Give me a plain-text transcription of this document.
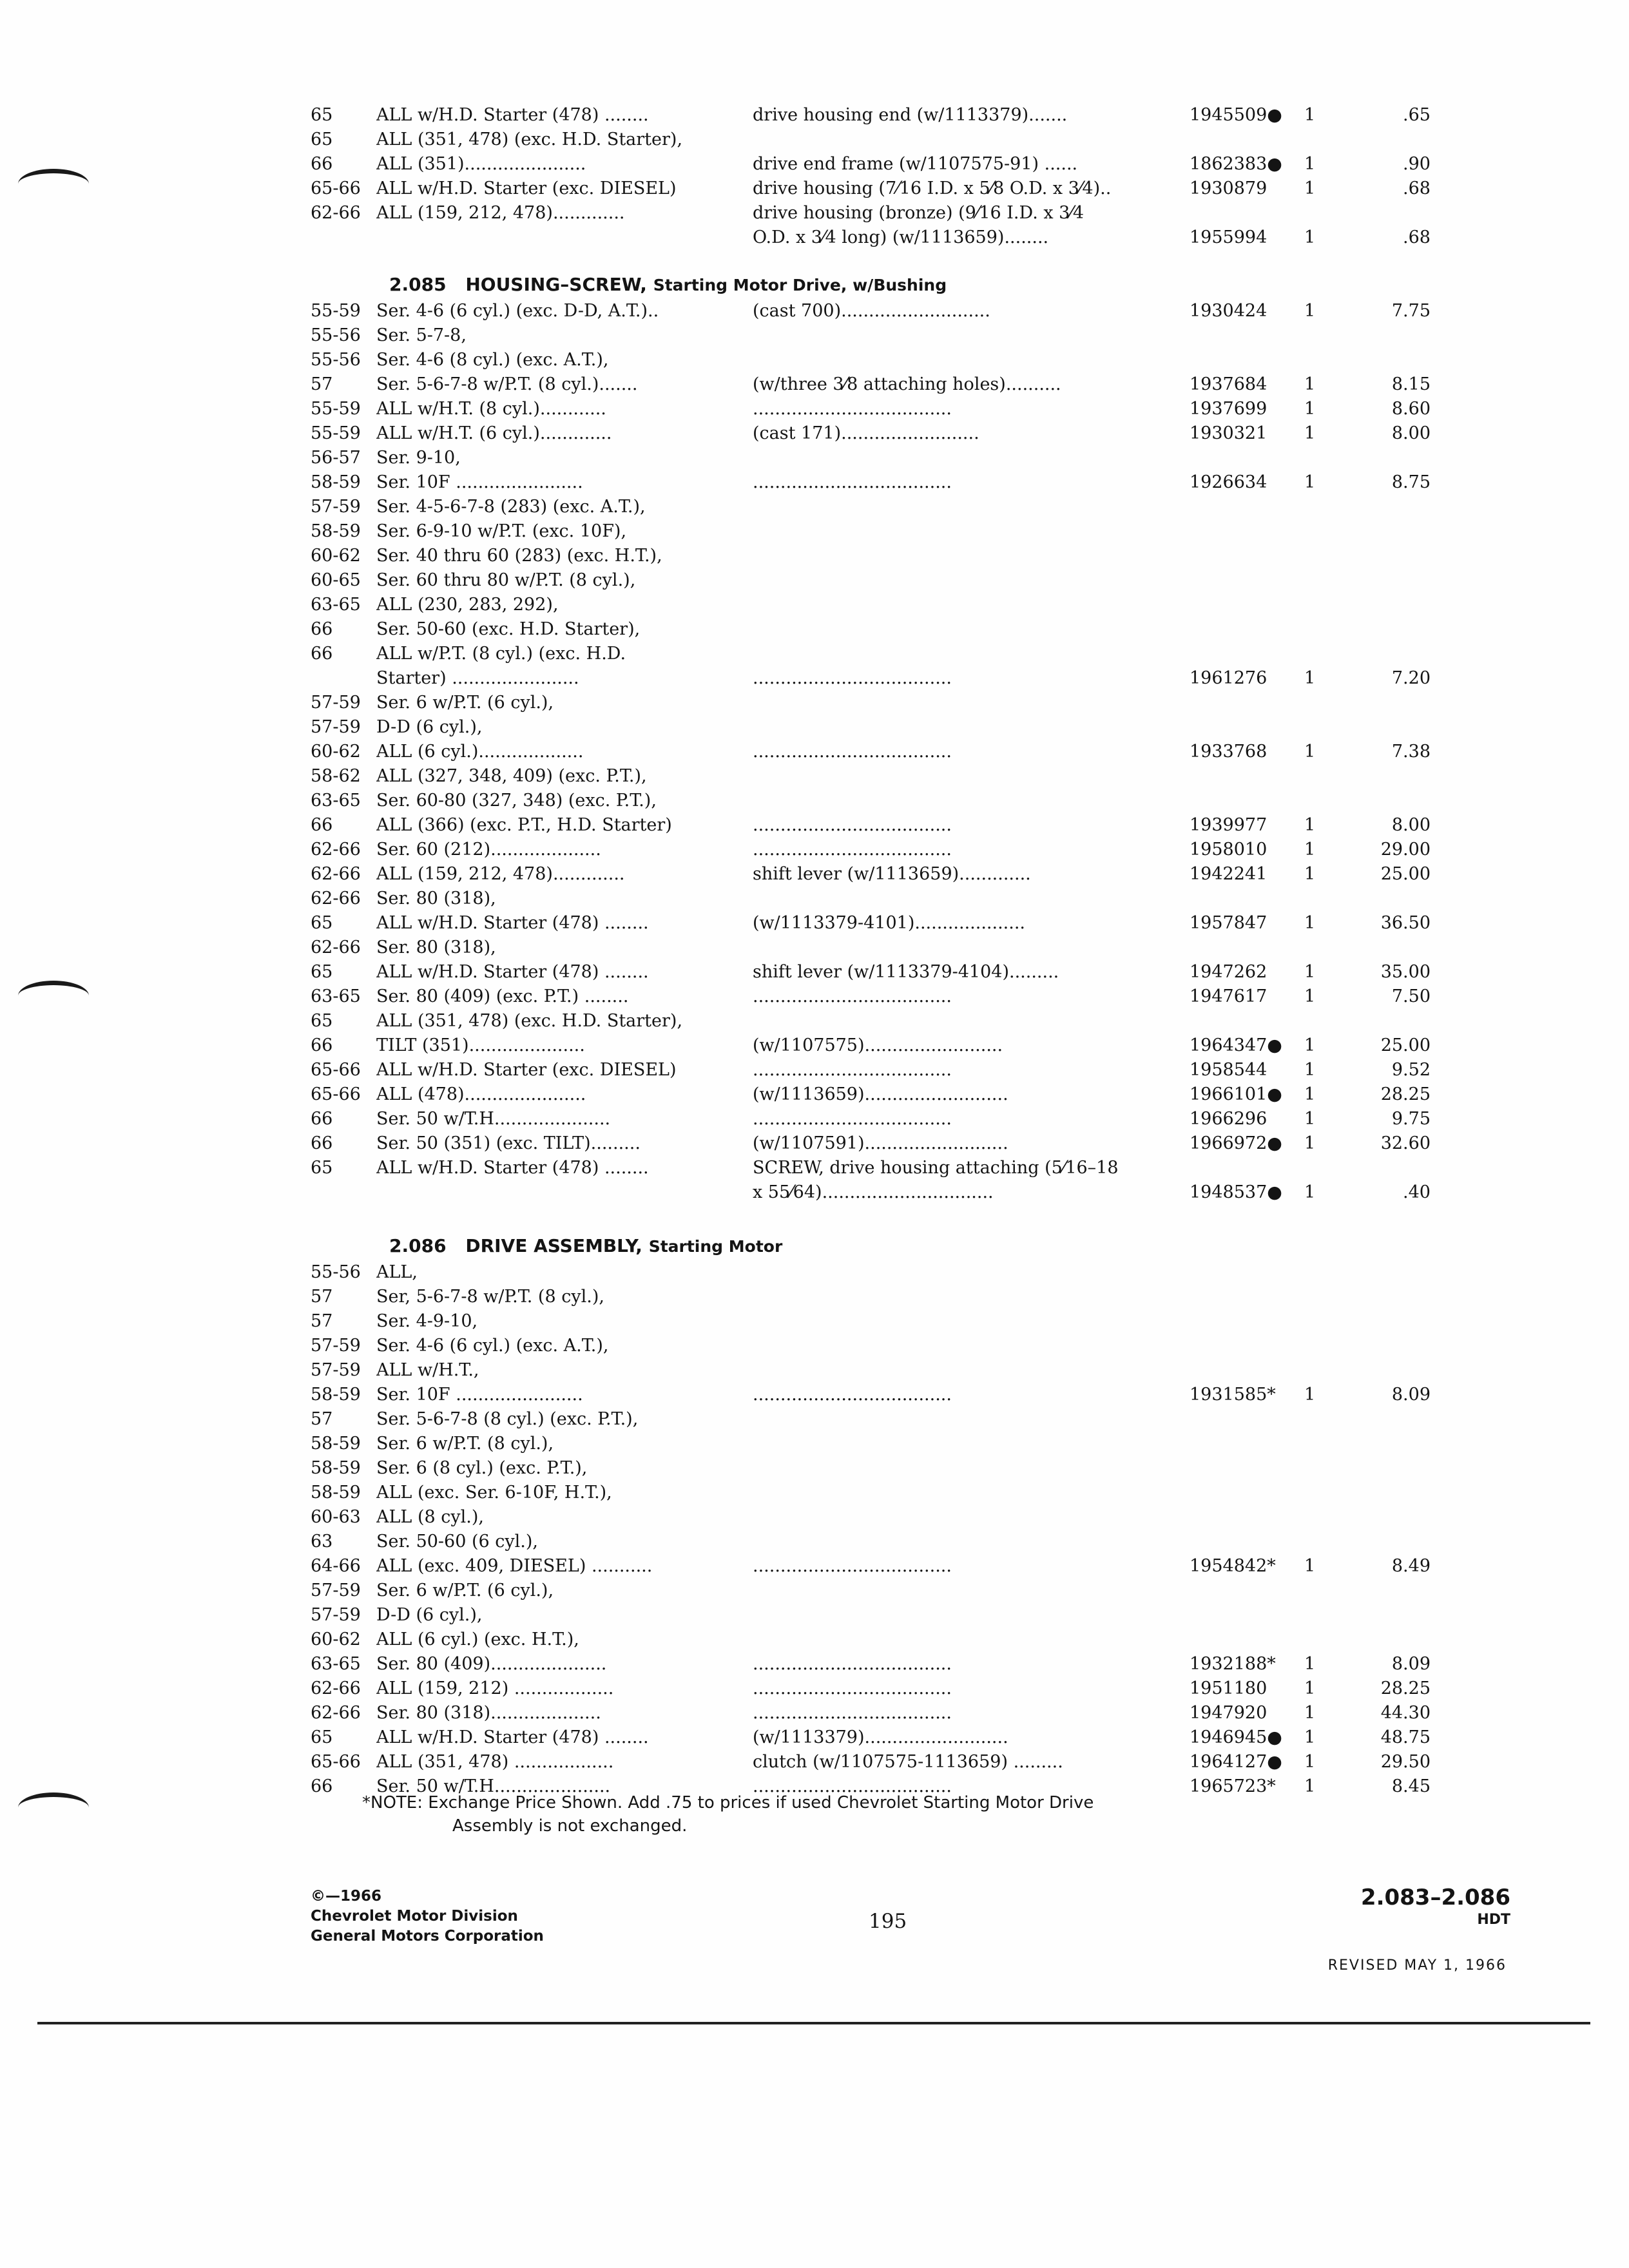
65	ALL w/H.D. Starter (478) ........	drive housing end (w/1113379).......	1945509● 1	.65
65	ALL (351, 478) (exc. H.D. Starter),
66	ALL (351)......................	drive end frame (w/1107575-91) ......	1862383● 1	.90
65-66 ALL w/H.D. Starter (exc. DIESEL)	drive housing (7⁄16 I.D. x 5⁄8 O.D. x 3⁄4)..	1930879 1	.68
62-66 ALL (159, 212, 478).............	drive housing (bronze) (9⁄16 I.D. x 3⁄4
O.D. x 3⁄4 long) (w/1113659)........	1955994 1	.68
2.085 HOUSING–SCREW, Starting Motor Drive, w/Bushing
55-59 Ser. 4-6 (6 cyl.) (exc. D-D, A.T.)..	(cast 700)...........................	1930424 1	7.75
55-56 Ser. 5-7-8,
55-56 Ser. 4-6 (8 cyl.) (exc. A.T.),
57	Ser. 5-6-7-8 w/P.T. (8 cyl.).......	(w/three 3⁄8 attaching holes)..........	1937684 1	8.15
55-59 ALL w/H.T. (8 cyl.)............	....................................	1937699 1	8.60
55-59 ALL w/H.T. (6 cyl.).............	(cast 171).........................	1930321 1	8.00
56-57 Ser. 9-10,
58-59 Ser. 10F .......................	....................................	1926634 1	8.75
57-59 Ser. 4-5-6-7-8 (283) (exc. A.T.),
58-59 Ser. 6-9-10 w/P.T. (exc. 10F),
60-62 Ser. 40 thru 60 (283) (exc. H.T.),
60-65 Ser. 60 thru 80 w/P.T. (8 cyl.),
63-65 ALL (230, 283, 292),
66	Ser. 50-60 (exc. H.D. Starter),
66	ALL w/P.T. (8 cyl.) (exc. H.D.
Starter) .......................	....................................	1961276 1	7.20
57-59 Ser. 6 w/P.T. (6 cyl.),
57-59 D-D (6 cyl.),
60-62 ALL (6 cyl.)...................	....................................	1933768 1	7.38
58-62 ALL (327, 348, 409) (exc. P.T.),
63-65 Ser. 60-80 (327, 348) (exc. P.T.),
66	ALL (366) (exc. P.T., H.D. Starter)	....................................	1939977 1	8.00
62-66 Ser. 60 (212)....................	....................................	1958010 1	29.00
62-66 ALL (159, 212, 478).............	shift lever (w/1113659).............	1942241 1	25.00
62-66 Ser. 80 (318),
65	ALL w/H.D. Starter (478) ........	(w/1113379-4101)....................	1957847 1	36.50
62-66 Ser. 80 (318),
65	ALL w/H.D. Starter (478) ........	shift lever (w/1113379-4104).........	1947262 1	35.00
63-65 Ser. 80 (409) (exc. P.T.) ........	....................................	1947617 1	7.50
65	ALL (351, 478) (exc. H.D. Starter),
66	TILT (351).....................	(w/1107575).........................	1964347● 1	25.00
65-66 ALL w/H.D. Starter (exc. DIESEL)	....................................	1958544 1	9.52
65-66 ALL (478)......................	(w/1113659)..........................	1966101● 1	28.25
66	Ser. 50 w/T.H.....................	....................................	1966296 1	9.75
66	Ser. 50 (351) (exc. TILT).........	(w/1107591)..........................	1966972● 1	32.60
65	ALL w/H.D. Starter (478) ........	SCREW, drive housing attaching (5⁄16–18
x 55⁄64)...............................	1948537● 1	.40
2.086 DRIVE ASSEMBLY, Starting Motor
55-56 ALL,
57	Ser, 5-6-7-8 w/P.T. (8 cyl.),
57	Ser. 4-9-10,
57-59 Ser. 4-6 (6 cyl.) (exc. A.T.),
57-59 ALL w/H.T.,
58-59 Ser. 10F .......................	....................................	1931585* 1	8.09
57	Ser. 5-6-7-8 (8 cyl.) (exc. P.T.),
58-59 Ser. 6 w/P.T. (8 cyl.),
58-59 Ser. 6 (8 cyl.) (exc. P.T.),
58-59 ALL (exc. Ser. 6-10F, H.T.),
60-63 ALL (8 cyl.),
63	Ser. 50-60 (6 cyl.),
64-66 ALL (exc. 409, DIESEL) ...........	....................................	1954842* 1	8.49
57-59 Ser. 6 w/P.T. (6 cyl.),
57-59 D-D (6 cyl.),
60-62 ALL (6 cyl.) (exc. H.T.),
63-65 Ser. 80 (409).....................	....................................	1932188* 1	8.09
62-66 ALL (159, 212) ..................	....................................	1951180 1	28.25
62-66 Ser. 80 (318)....................	....................................	1947920 1	44.30
65	ALL w/H.D. Starter (478) ........	(w/1113379)..........................	1946945● 1	48.75
65-66 ALL (351, 478) ..................	clutch (w/1107575-1113659) .........	1964127● 1	29.50
66	Ser. 50 w/T.H.....................	....................................	1965723* 1	8.45
*NOTE: Exchange Price Shown. Add .75 to prices if used Chevrolet Starting Motor Drive
Assembly is not exchanged.
©—1966
Chevrolet Motor Division
General Motors Corporation
195
2.083–2.086
HDT
REVISED MAY 1, 1966
